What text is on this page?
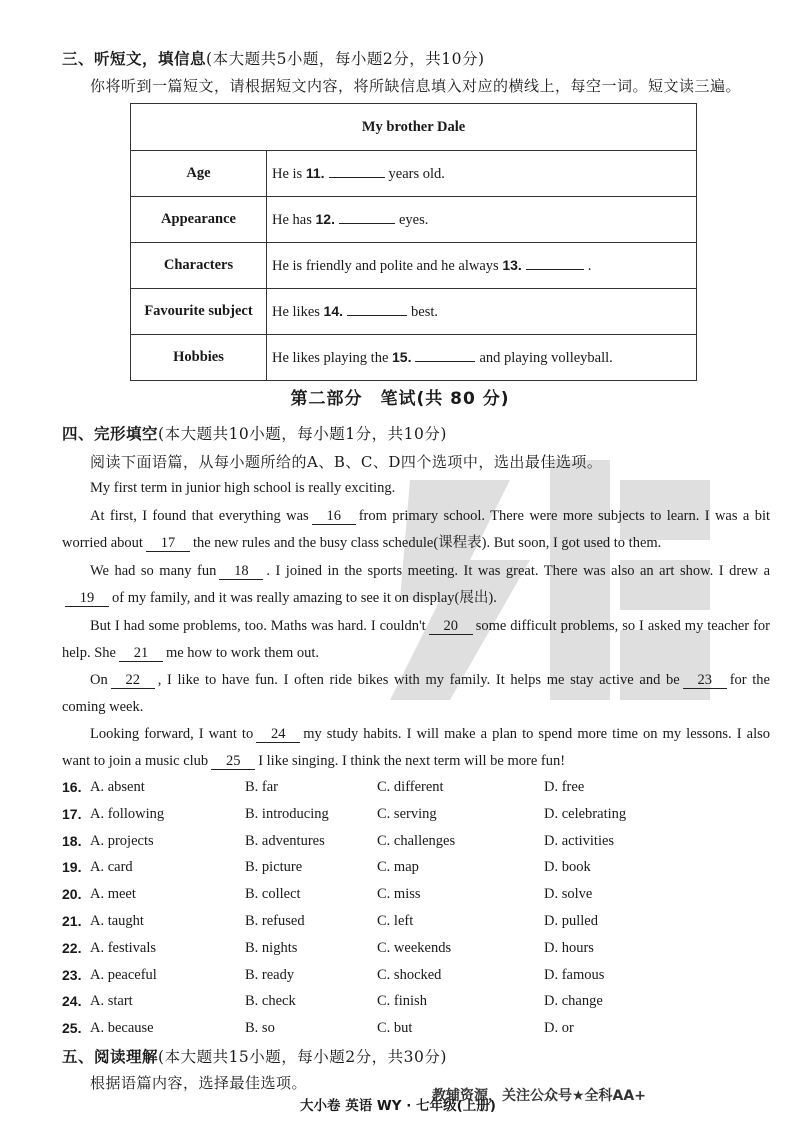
三、听短文，填信息(本大题共5小题，每小题2分，共10分)
你将听到一篇短文，请根据短文内容，将所缺信息填入对应的横线上，每空一词。短文读三遍。
My brother Dale	
Age	He is 11. years old.
Appearance	He has 12. eyes.
Characters	He is friendly and polite and he always 13. .
Favourite subject	He likes 14. best.
Hobbies	He likes playing the 15. and playing volleyball.
第二部分　笔试(共 80 分)
四、完形填空(本大题共10小题，每小题1分，共10分)
阅读下面语篇，从每小题所给的A、B、C、D四个选项中，选出最佳选项。
My first term in junior high school is really exciting.
At first, I found that everything was 16 from primary school. There were more subjects to learn. I was a bit worried about 17 the new rules and the busy class schedule(课程表). But soon, I got used to them.
We had so many fun 18 . I joined in the sports meeting. It was great. There was also an art show. I drew a19 of my family, and it was really amazing to see it on display(展出).
But I had some problems, too. Maths was hard. I couldn't 20 some difficult problems, so I asked my teacher for help. She 21 me how to work them out.
On 22 , I like to have fun. I often ride bikes with my family. It helps me stay active and be 23 for the coming week.
Looking forward, I want to 24 my study habits. I will make a plan to spend more time on my lessons. I also want to join a music club 25 I like singing. I think the next term will be more fun!
16. A. absent	B. far	C. different	D. free
17. A. following	B. introducing	C. serving	D. celebrating
18. A. projects	B. adventures	C. challenges	D. activities
19. A. card	B. picture	C. map	D. book
20. A. meet	B. collect	C. miss	D. solve
21. A. taught	B. refused	C. left	D. pulled
22. A. festivals	B. nights	C. weekends	D. hours
23. A. peaceful	B. ready	C. shocked	D. famous
24. A. start	B. check	C. finish	D. change
25. A. because	B. so	C. but	D. or
五、阅读理解(本大题共15小题，每小题2分，共30分)
根据语篇内容，选择最佳选项。
大小卷 英语 WY · 七年级(上册)
教辅资源，关注公众号★全科AA+
